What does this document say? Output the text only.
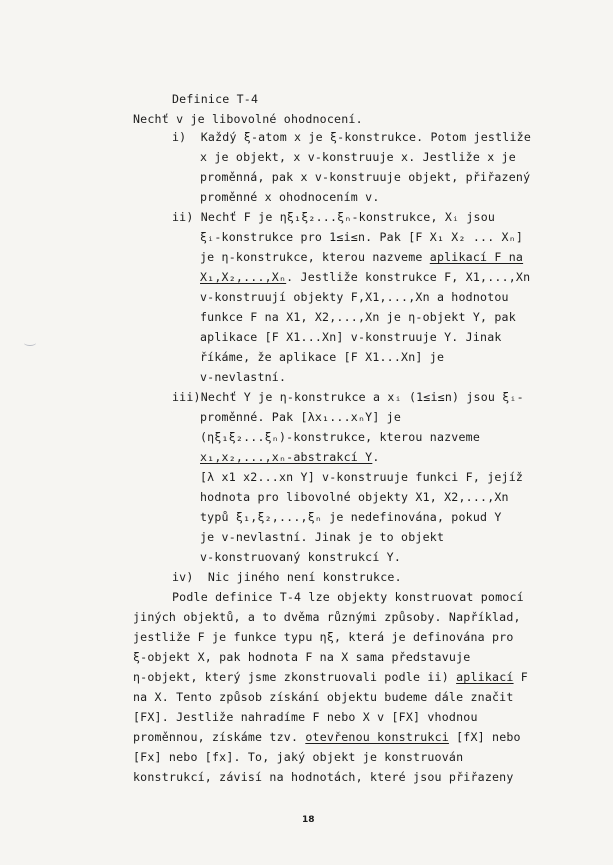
Definice T-4
Nechť v je libovolné ohodnocení.
i)  Každý ξ-atom x je ξ-konstrukce. Potom jestliže
x je objekt, x v-konstruuje x. Jestliže x je
proměnná, pak x v-konstruuje objekt, přiřazený
proměnné x ohodnocením v.
ii) Nechť F je ηξ₁ξ₂...ξₙ-konstrukce, Xᵢ jsou
ξᵢ-konstrukce pro 1≤i≤n. Pak [F X₁ X₂ ... Xₙ]
je η-konstrukce, kterou nazveme aplikací F na
X₁,X₂,...,Xₙ. Jestliže konstrukce F, X1,...,Xn
v-konstruují objekty F,X1,...,Xn a hodnotou
funkce F na X1, X2,...,Xn je η-objekt Y, pak
aplikace [F X1...Xn] v-konstruuje Y. Jinak
říkáme, že aplikace [F X1...Xn] je
v-nevlastní.
iii)Nechť Y je η-konstrukce a xᵢ (1≤i≤n) jsou ξᵢ-
proměnné. Pak [λx₁...xₙY] je
(ηξ₁ξ₂...ξₙ)-konstrukce, kterou nazveme
x₁,x₂,...,xₙ-abstrakcí Y.
[λ x1 x2...xn Y] v-konstruuje funkci F, jejíž
hodnota pro libovolné objekty X1, X2,...,Xn
typů ξ₁,ξ₂,...,ξₙ je nedefinována, pokud Y
je v-nevlastní. Jinak je to objekt
v-konstruovaný konstrukcí Y.
iv)  Nic jiného není konstrukce.
Podle definice T-4 lze objekty konstruovat pomocí
jiných objektů, a to dvěma různými způsoby. Například,
jestliže F je funkce typu ηξ, která je definována pro
ξ-objekt X, pak hodnota F na X sama představuje
η-objekt, který jsme zkonstruovali podle ii) aplikací F
na X. Tento způsob získání objektu budeme dále značit
[FX]. Jestliže nahradíme F nebo X v [FX] vhodnou
proměnnou, získáme tzv. otevřenou konstrukci [fX] nebo
[Fx] nebo [fx]. To, jaký objekt je konstruován
konstrukcí, závisí na hodnotách, které jsou přiřazeny
18
